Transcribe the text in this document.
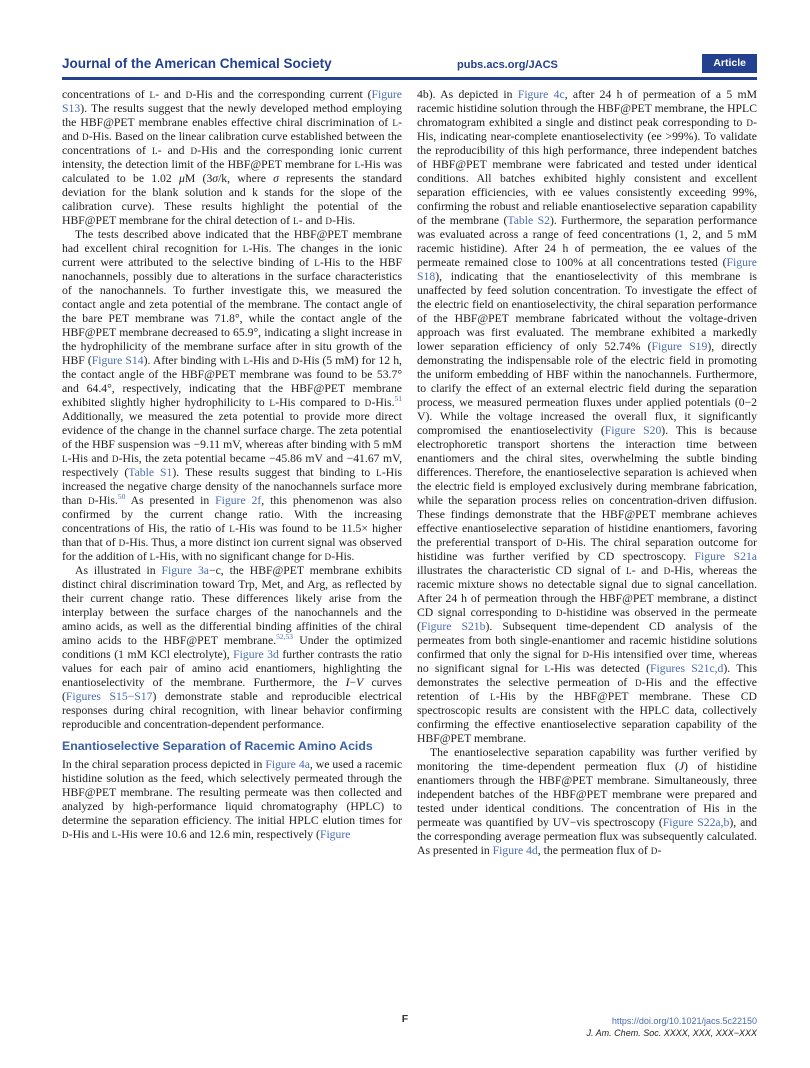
Journal of the American Chemical Society	pubs.acs.org/JACS	Article

concentrations of L- and D-His and the corresponding current (Figure S13). The results suggest that the newly developed method employing the HBF@PET membrane enables effective chiral discrimination of L- and D-His. Based on the linear calibration curve established between the concentrations of L- and D-His and the corresponding ionic current intensity, the detection limit of the HBF@PET membrane for L-His was calculated to be 1.02 μM (3σ/k, where σ represents the standard deviation for the blank solution and k stands for the slope of the calibration curve). These results highlight the potential of the HBF@PET membrane for the chiral detection of L- and D-His.

The tests described above indicated that the HBF@PET membrane had excellent chiral recognition for L-His. The changes in the ionic current were attributed to the selective binding of L-His to the HBF nanochannels, possibly due to alterations in the surface characteristics of the nanochannels. To further investigate this, we measured the contact angle and zeta potential of the membrane. The contact angle of the bare PET membrane was 71.8°, while the contact angle of the HBF@PET membrane decreased to 65.9°, indicating a slight increase in the hydrophilicity of the membrane surface after in situ growth of the HBF (Figure S14). After binding with L-His and D-His (5 mM) for 12 h, the contact angle of the HBF@PET membrane was found to be 53.7° and 64.4°, respectively, indicating that the HBF@PET membrane exhibited slightly higher hydrophilicity to L-His compared to D-His.$^{51}$ Additionally, we measured the zeta potential to provide more direct evidence of the change in the channel surface charge. The zeta potential of the HBF suspension was −9.11 mV, whereas after binding with 5 mM L-His and D-His, the zeta potential became −45.86 mV and −41.67 mV, respectively (Table S1). These results suggest that binding to L-His increased the negative charge density of the nanochannels surface more than D-His.$^{50}$ As presented in Figure 2f, this phenomenon was also confirmed by the current change ratio. With the increasing concentrations of His, the ratio of L-His was found to be 11.5× higher than that of D-His. Thus, a more distinct ion current signal was observed for the addition of L-His, with no significant change for D-His.

As illustrated in Figure 3a−c, the HBF@PET membrane exhibits distinct chiral discrimination toward Trp, Met, and Arg, as reflected by their current change ratio. These differences likely arise from the interplay between the surface charges of the nanochannels and the amino acids, as well as the differential binding affinities of the chiral amino acids to the HBF@PET membrane.$^{52,53}$ Under the optimized conditions (1 mM KCl electrolyte), Figure 3d further contrasts the ratio values for each pair of amino acid enantiomers, highlighting the enantioselectivity of the membrane. Furthermore, the I−V curves (Figures S15−S17) demonstrate stable and reproducible electrical responses during chiral recognition, with linear behavior confirming reproducible and concentration-dependent performance.

Enantioselective Separation of Racemic Amino Acids

In the chiral separation process depicted in Figure 4a, we used a racemic histidine solution as the feed, which selectively permeated through the HBF@PET membrane. The resulting permeate was then collected and analyzed by high-performance liquid chromatography (HPLC) to determine the separation efficiency. The initial HPLC elution times for D-His and L-His were 10.6 and 12.6 min, respectively (Figure

4b). As depicted in Figure 4c, after 24 h of permeation of a 5 mM racemic histidine solution through the HBF@PET membrane, the HPLC chromatogram exhibited a single and distinct peak corresponding to D-His, indicating near-complete enantioselectivity (ee >99%). To validate the reproducibility of this high performance, three independent batches of HBF@PET membrane were fabricated and tested under identical conditions. All batches exhibited highly consistent and excellent separation efficiencies, with ee values consistently exceeding 99%, confirming the robust and reliable enantioselective separation capability of the membrane (Table S2). Furthermore, the separation performance was evaluated across a range of feed concentrations (1, 2, and 5 mM racemic histidine). After 24 h of permeation, the ee values of the permeate remained close to 100% at all concentrations tested (Figure S18), indicating that the enantioselectivity of this membrane is unaffected by feed solution concentration. To investigate the effect of the electric field on enantioselectivity, the chiral separation performance of the HBF@PET membrane fabricated without the voltage-driven approach was first evaluated. The membrane exhibited a markedly lower separation efficiency of only 52.74% (Figure S19), directly demonstrating the indispensable role of the electric field in promoting the uniform embedding of HBF within the nanochannels. Furthermore, to clarify the effect of an external electric field during the separation process, we measured permeation fluxes under applied potentials (0−2 V). While the voltage increased the overall flux, it significantly compromised the enantioselectivity (Figure S20). This is because electrophoretic transport shortens the interaction time between enantiomers and the chiral sites, overwhelming the subtle binding differences. Therefore, the enantioselective separation is achieved when the electric field is employed exclusively during membrane fabrication, while the separation process relies on concentration-driven diffusion. These findings demonstrate that the HBF@PET membrane achieves effective enantioselective separation of histidine enantiomers, favoring the preferential transport of D-His. The chiral separation outcome for histidine was further verified by CD spectroscopy. Figure S21a illustrates the characteristic CD signal of L- and D-His, whereas the racemic mixture shows no detectable signal due to signal cancellation. After 24 h of permeation through the HBF@PET membrane, a distinct CD signal corresponding to D-histidine was observed in the permeate (Figure S21b). Subsequent time-dependent CD analysis of the permeates from both single-enantiomer and racemic histidine solutions confirmed that only the signal for D-His intensified over time, whereas no significant signal for L-His was detected (Figures S21c,d). This demonstrates the selective permeation of D-His and the effective retention of L-His by the HBF@PET membrane. These CD spectroscopic results are consistent with the HPLC data, collectively confirming the effective enantioselective separation capability of the HBF@PET membrane.

The enantioselective separation capability was further verified by monitoring the time-dependent permeation flux (J) of histidine enantiomers through the HBF@PET membrane. Simultaneously, three independent batches of the HBF@PET membrane were prepared and tested under identical conditions. The concentration of His in the permeate was quantified by UV−vis spectroscopy (Figure S22a,b), and the corresponding average permeation flux was subsequently calculated. As presented in Figure 4d, the permeation flux of D-

F	https://doi.org/10.1021/jacs.5c22150
J. Am. Chem. Soc. XXXX, XXX, XXX−XXX
